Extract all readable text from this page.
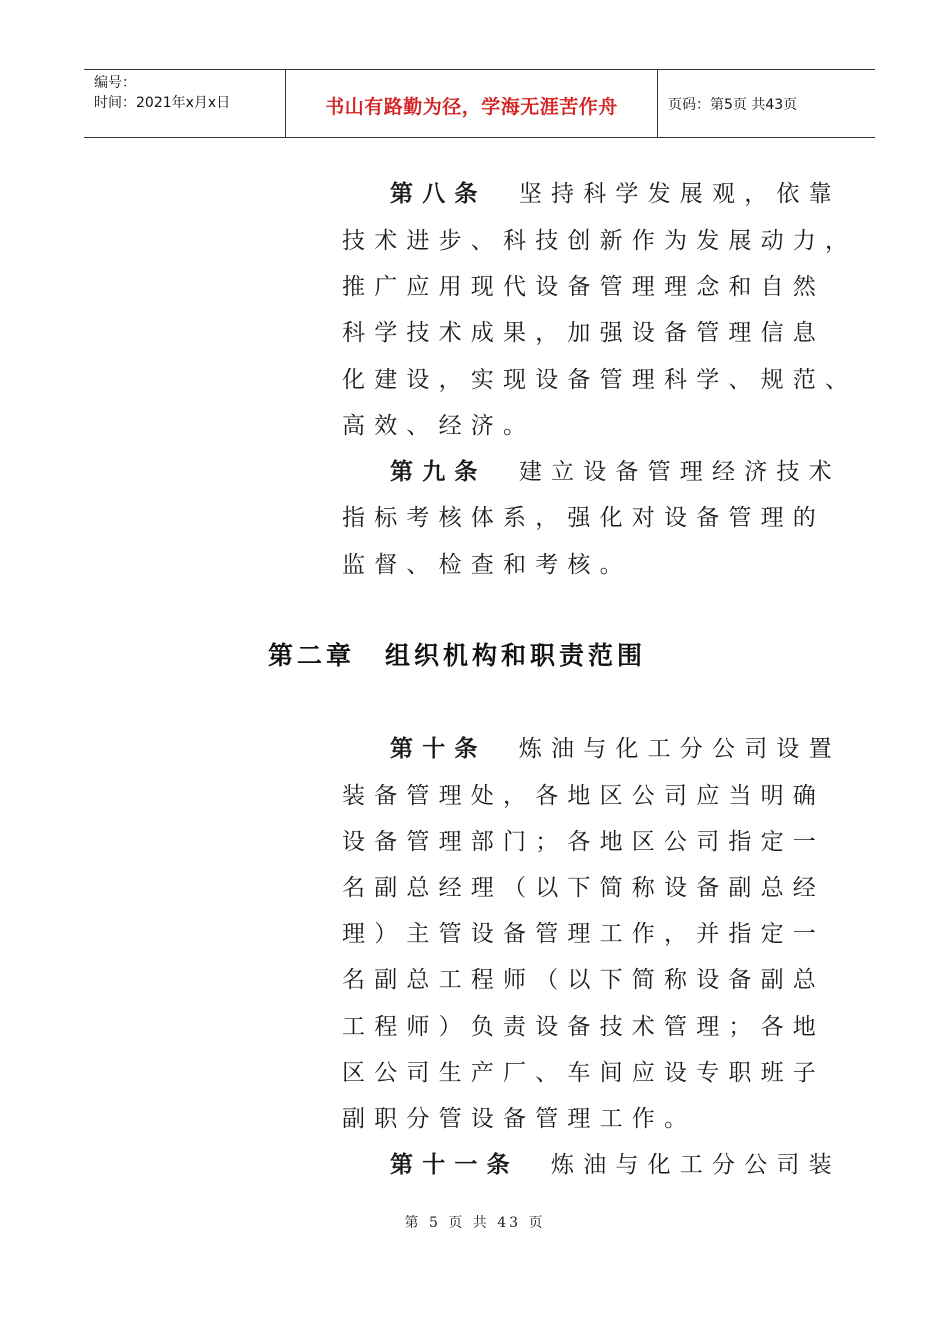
编号：
时间：2021年x月x日	书山有路勤为径，学海无涯苦作舟	页码：第5页 共43页
第八条  坚持科学发展观，依靠
技术进步、科技创新作为发展动力，
推广应用现代设备管理理念和自然
科学技术成果，加强设备管理信息
化建设，实现设备管理科学、规范、
高效、经济。
第九条  建立设备管理经济技术
指标考核体系，强化对设备管理的
监督、检查和考核。
第二章 组织机构和职责范围
第十条  炼油与化工分公司设置
装备管理处，各地区公司应当明确
设备管理部门；各地区公司指定一
名副总经理（以下简称设备副总经
理）主管设备管理工作，并指定一
名副总工程师（以下简称设备副总
工程师）负责设备技术管理；各地
区公司生产厂、车间应设专职班子
副职分管设备管理工作。
第十一条  炼油与化工分公司装
第 5 页 共 43 页
